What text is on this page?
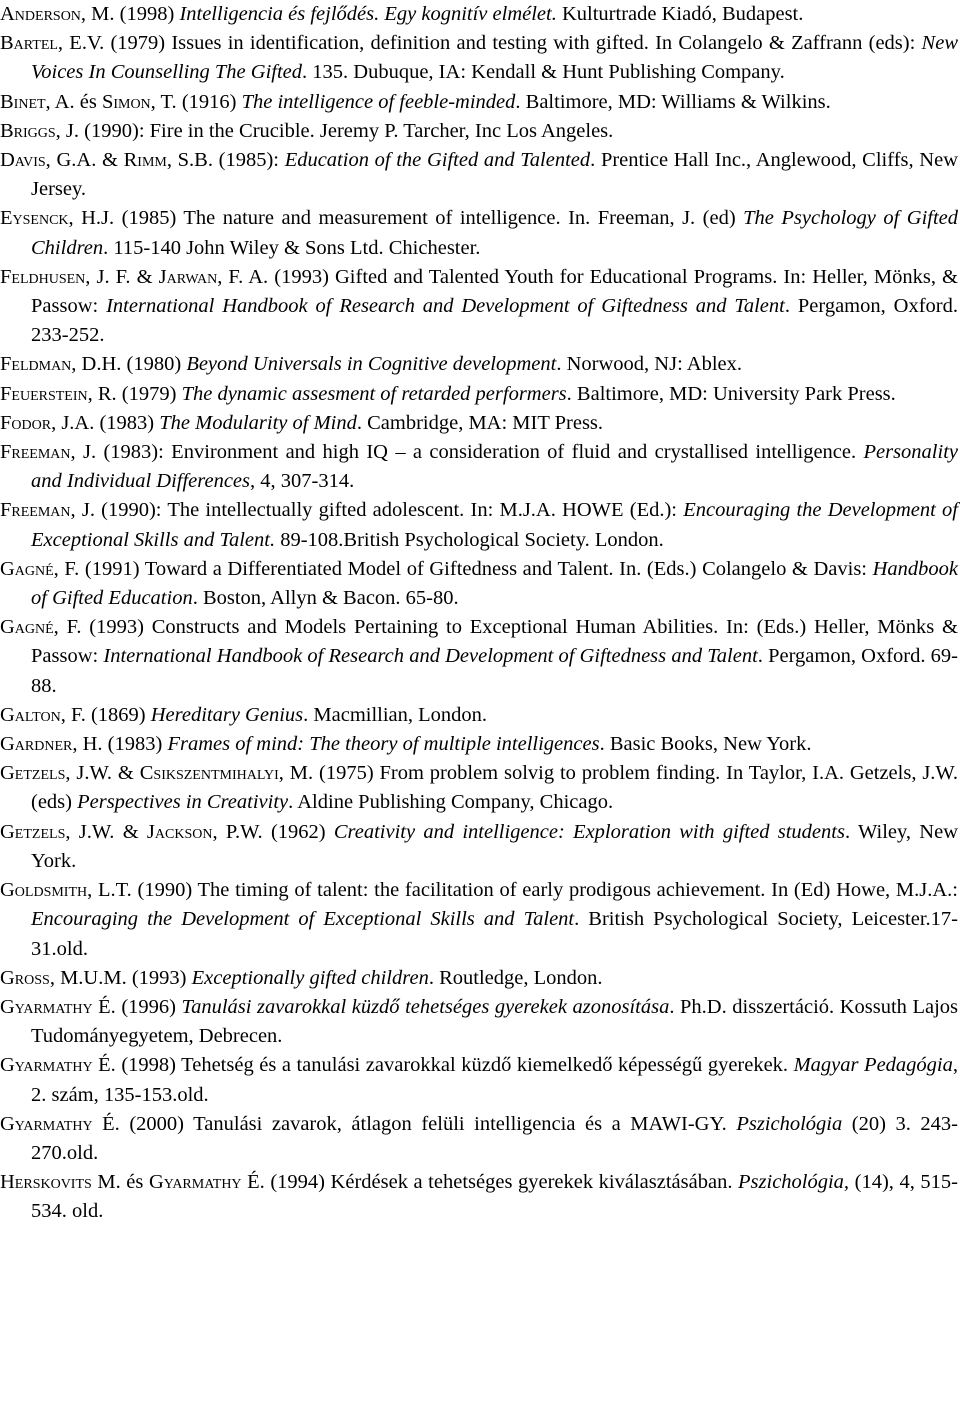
Anderson, M. (1998) Intelligencia és fejlődés. Egy kognitív elmélet. Kulturtrade Kiadó, Budapest.

Bartel, E.V. (1979) Issues in identification, definition and testing with gifted. In Colangelo & Zaffrann (eds): New Voices In Counselling The Gifted. 135. Dubuque, IA: Kendall & Hunt Publishing Company.

Binet, A. és Simon, T. (1916) The intelligence of feeble-minded. Baltimore, MD: Williams & Wilkins.

Briggs, J. (1990): Fire in the Crucible. Jeremy P. Tarcher, Inc Los Angeles.

Davis, G.A. & Rimm, S.B. (1985): Education of the Gifted and Talented. Prentice Hall Inc., Anglewood, Cliffs, New Jersey.

Eysenck, H.J. (1985) The nature and measurement of intelligence. In. Freeman, J. (ed) The Psychology of Gifted Children. 115-140 John Wiley & Sons Ltd. Chichester.

Feldhusen, J. F. & Jarwan, F. A. (1993) Gifted and Talented Youth for Educational Programs. In: Heller, Mönks, & Passow: International Handbook of Research and Development of Giftedness and Talent. Pergamon, Oxford. 233-252.

Feldman, D.H. (1980) Beyond Universals in Cognitive development. Norwood, NJ: Ablex.

Feuerstein, R. (1979) The dynamic assesment of retarded performers. Baltimore, MD: University Park Press.

Fodor, J.A. (1983) The Modularity of Mind. Cambridge, MA: MIT Press.

Freeman, J. (1983): Environment and high IQ – a consideration of fluid and crystallised intelligence. Personality and Individual Differences, 4, 307-314.

Freeman, J. (1990): The intellectually gifted adolescent. In: M.J.A. HOWE (Ed.): Encouraging the Development of Exceptional Skills and Talent. 89-108.British Psychological Society. London.

Gagné, F. (1991) Toward a Differentiated Model of Giftedness and Talent. In. (Eds.) Colangelo & Davis: Handbook of Gifted Education. Boston, Allyn & Bacon. 65-80.

Gagné, F. (1993) Constructs and Models Pertaining to Exceptional Human Abilities. In: (Eds.) Heller, Mönks & Passow: International Handbook of Research and Development of Giftedness and Talent. Pergamon, Oxford. 69-88.

Galton, F. (1869) Hereditary Genius. Macmillian, London.

Gardner, H. (1983) Frames of mind: The theory of multiple intelligences. Basic Books, New York.

Getzels, J.W. & Csikszentmihalyi, M. (1975) From problem solvig to problem finding. In Taylor, I.A. Getzels, J.W. (eds) Perspectives in Creativity. Aldine Publishing Company, Chicago.

Getzels, J.W. & Jackson, P.W. (1962) Creativity and intelligence: Exploration with gifted students. Wiley, New York.

Goldsmith, L.T. (1990) The timing of talent: the facilitation of early prodigous achievement. In (Ed) Howe, M.J.A.: Encouraging the Development of Exceptional Skills and Talent. British Psychological Society, Leicester.17-31.old.

Gross, M.U.M. (1993) Exceptionally gifted children. Routledge, London.

Gyarmathy É. (1996) Tanulási zavarokkal küzdő tehetséges gyerekek azonosítása. Ph.D. disszertáció. Kossuth Lajos Tudományegyetem, Debrecen.

Gyarmathy É. (1998) Tehetség és a tanulási zavarokkal küzdő kiemelkedő képességű gyerekek. Magyar Pedagógia, 2. szám, 135-153.old.

Gyarmathy É. (2000) Tanulási zavarok, átlagon felüli intelligencia és a MAWI-GY. Pszichológia (20) 3. 243-270.old.

Herskovits M. és Gyarmathy É. (1994) Kérdések a tehetséges gyerekek kiválasztásában. Pszichológia, (14), 4, 515-534. old.
